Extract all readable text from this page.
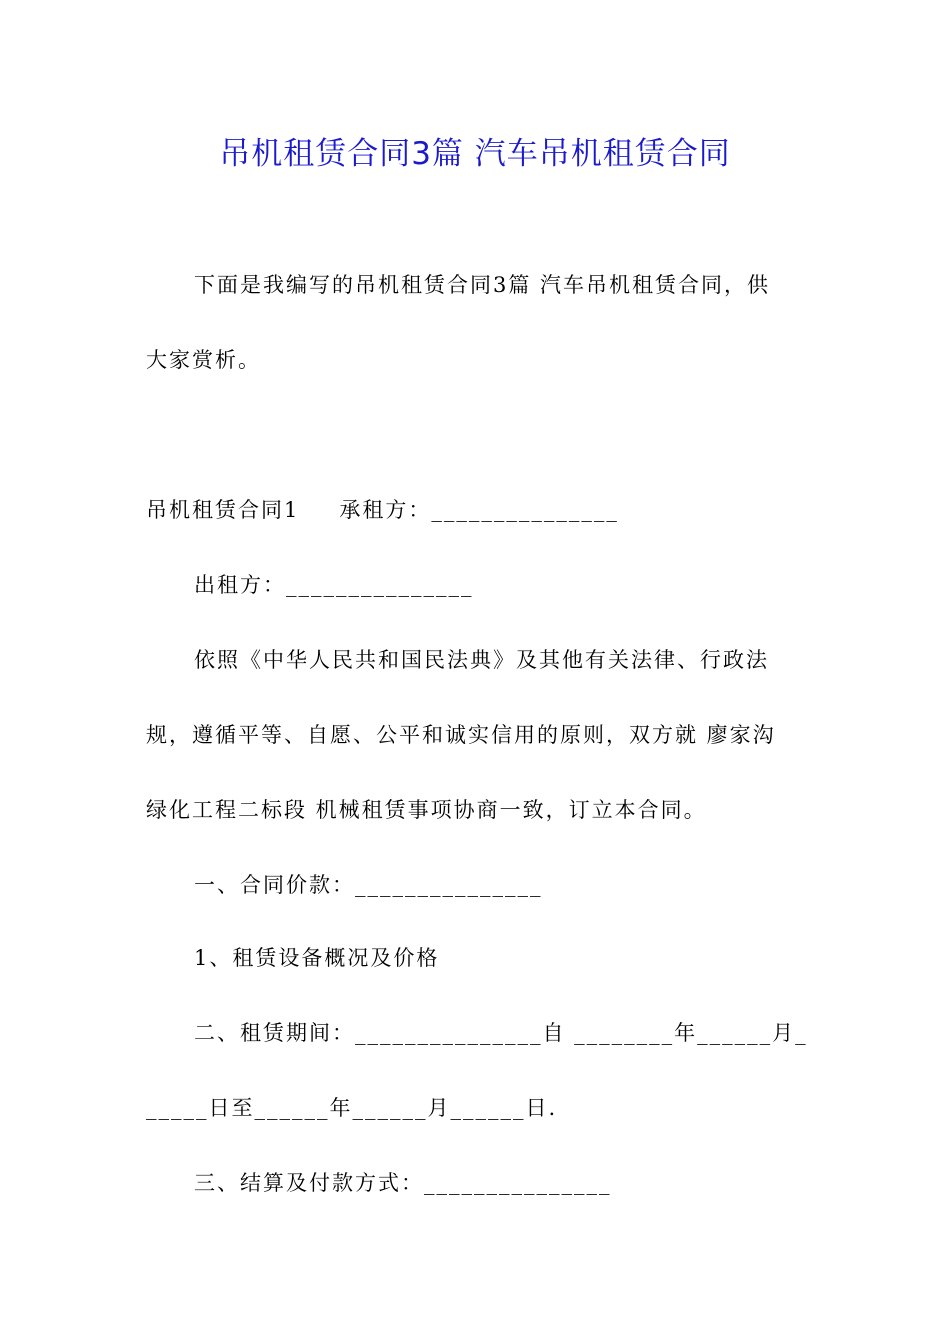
吊机租赁合同3篇 汽车吊机租赁合同
下面是我编写的吊机租赁合同3篇 汽车吊机租赁合同，供
大家赏析。
吊机租赁合同1 承租方：_______________
出租方：_______________
依照《中华人民共和国民法典》及其他有关法律、行政法
规，遵循平等、自愿、公平和诚实信用的原则，双方就 廖家沟
绿化工程二标段 机械租赁事项协商一致，订立本合同。
一、合同价款：_______________
1、租赁设备概况及价格
二、租赁期间：_______________自 ________年______月_
_____日至______年______月______日.
三、结算及付款方式：_______________
